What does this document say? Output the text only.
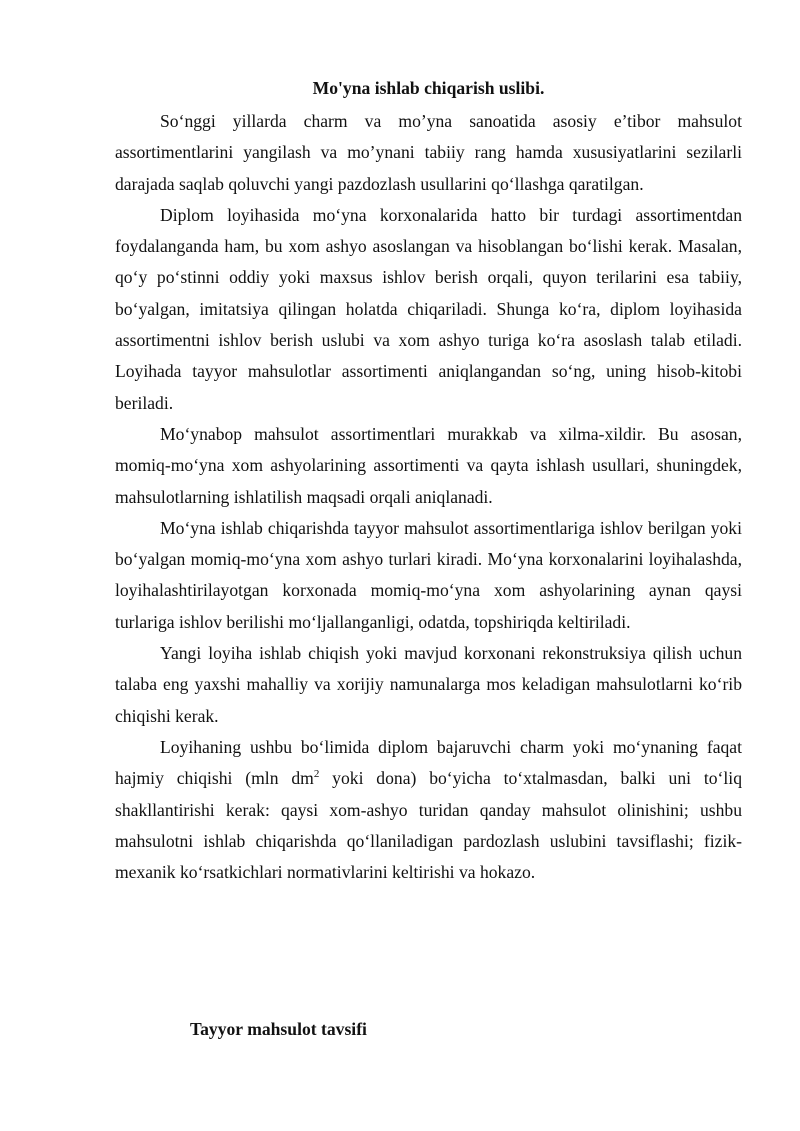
Mo'yna ishlab chiqarish uslibi.

So‘nggi yillarda charm va mo’yna sanoatida asosiy e’tibor mahsulot assortimentlarini yangilash va mo’ynani tabiiy rang hamda xususiyatlarini sezilarli darajada saqlab qoluvchi yangi pazdozlash usullarini qo‘llashga qaratilgan.

Diplom loyihasida mo‘yna korxonalarida hatto bir turdagi assortimentdan foydalanganda ham, bu xom ashyo asoslangan va hisoblangan bo‘lishi kerak. Masalan, qo‘y po‘stinni oddiy yoki maxsus ishlov berish orqali, quyon terilarini esa tabiiy, bo‘yalgan, imitatsiya qilingan holatda chiqariladi. Shunga ko‘ra, diplom loyihasida assortimentni ishlov berish uslubi va xom ashyo turiga ko‘ra asoslash talab etiladi. Loyihada tayyor mahsulotlar assortimenti aniqlangandan so‘ng, uning hisob-kitobi beriladi.

Mo‘ynabop mahsulot assortimentlari murakkab va xilma-xildir. Bu asosan, momiq-mo‘yna xom ashyolarining assortimenti va qayta ishlash usullari, shuningdek, mahsulotlarning ishlatilish maqsadi orqali aniqlanadi.

Mo‘yna ishlab chiqarishda tayyor mahsulot assortimentlariga ishlov berilgan yoki bo‘yalgan momiq-mo‘yna xom ashyo turlari kiradi. Mo‘yna korxonalarini loyihalashda, loyihalashtirilayotgan korxonada momiq-mo‘yna xom ashyolarining aynan qaysi turlariga ishlov berilishi mo‘ljallanganligi, odatda, topshiriqda keltiriladi.

Yangi loyiha ishlab chiqish yoki mavjud korxonani rekonstruksiya qilish uchun talaba eng yaxshi mahalliy va xorijiy namunalarga mos keladigan mahsulotlarni ko‘rib chiqishi kerak.

Loyihaning ushbu bo‘limida diplom bajaruvchi charm yoki mo‘ynaning faqat hajmiy chiqishi (mln $dm^2$ yoki dona) bo‘yicha to‘xtalmasdan, balki uni to‘liq shakllantirishi kerak: qaysi xom-ashyo turidan qanday mahsulot olinishini; ushbu mahsulotni ishlab chiqarishda qo‘llaniladigan pardozlash uslubini tavsiflashi; fizik-mexanik ko‘rsatkichlari normativlarini keltirishi va hokazo.

Tayyor mahsulot tavsifi
